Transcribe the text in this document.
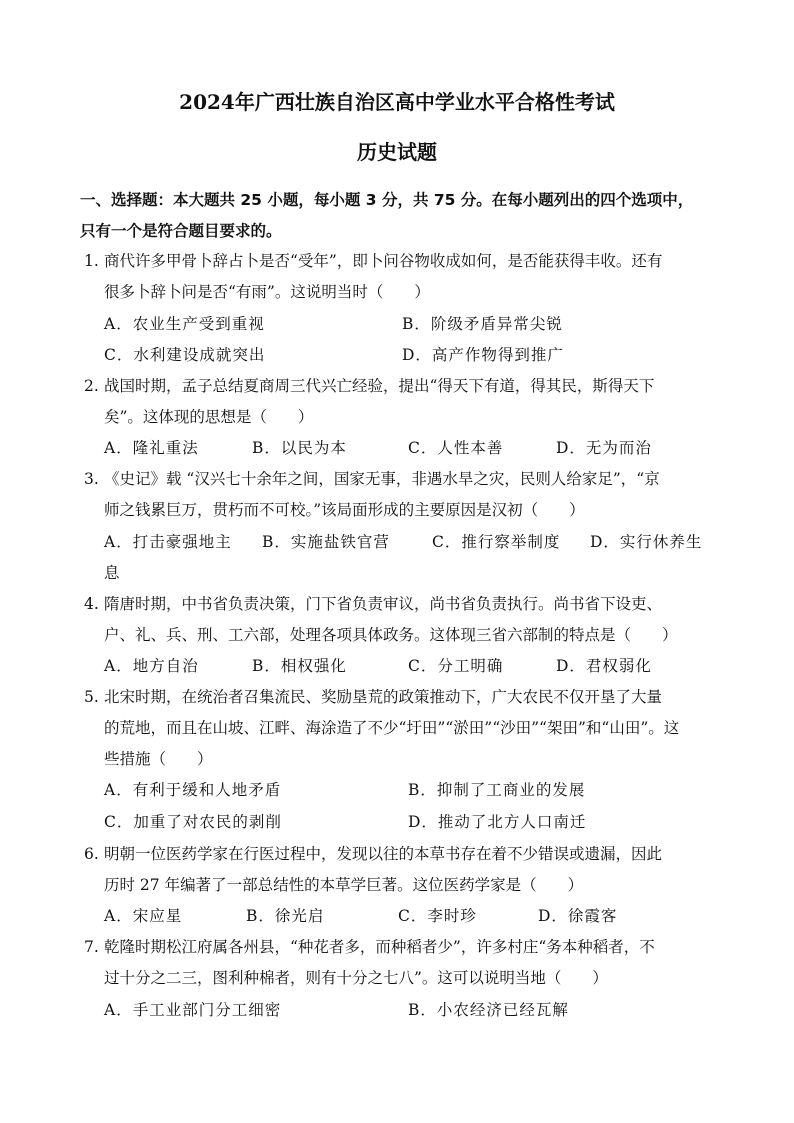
2024年广西壮族自治区高中学业水平合格性考试
历史试题
一、选择题：本大题共 25 小题，每小题 3 分，共 75 分。在每小题列出的四个选项中，
只有一个是符合题目要求的。
1. 商代许多甲骨卜辞占卜是否“受年”，即卜问谷物收成如何，是否能获得丰收。还有
很多卜辞卜问是否“有雨”。这说明当时（　　）
A．农业生产受到重视	B．阶级矛盾异常尖锐
C．水利建设成就突出	D．高产作物得到推广
2. 战国时期，孟子总结夏商周三代兴亡经验，提出“得天下有道，得其民，斯得天下
矣”。这体现的思想是（　　）
A．隆礼重法	B．以民为本	C．人性本善	D．无为而治
3. 《史记》载 “汉兴七十余年之间，国家无事，非遇水旱之灾，民则人给家足”，“京
师之钱累巨万，贯朽而不可校。”该局面形成的主要原因是汉初（　　）
A．打击豪强地主 B．实施盐铁官营	C．推行察举制度 D．实行休养生
息
4. 隋唐时期，中书省负责决策，门下省负责审议，尚书省负责执行。尚书省下设吏、
户、礼、兵、刑、工六部，处理各项具体政务。这体现三省六部制的特点是（　　）
A．地方自治	B．相权强化	C．分工明确	D．君权弱化
5. 北宋时期，在统治者召集流民、奖励垦荒的政策推动下，广大农民不仅开垦了大量
的荒地，而且在山坡、江畔、海涂造了不少“圩田”“淤田”“沙田”“架田”和“山田”。这
些措施（　　）
A．有利于缓和人地矛盾	B．抑制了工商业的发展
C．加重了对农民的剥削	D．推动了北方人口南迁
6. 明朝一位医药学家在行医过程中，发现以往的本草书存在着不少错误或遗漏，因此
历时 27 年编著了一部总结性的本草学巨著。这位医药学家是（　　）
A．宋应星	B．徐光启	C．李时珍	D．徐霞客
7. 乾隆时期松江府属各州县，“种花者多，而种稻者少”，许多村庄“务本种稻者，不
过十分之二三，图利种棉者，则有十分之七八”。这可以说明当地（　　）
A．手工业部门分工细密	B．小农经济已经瓦解
